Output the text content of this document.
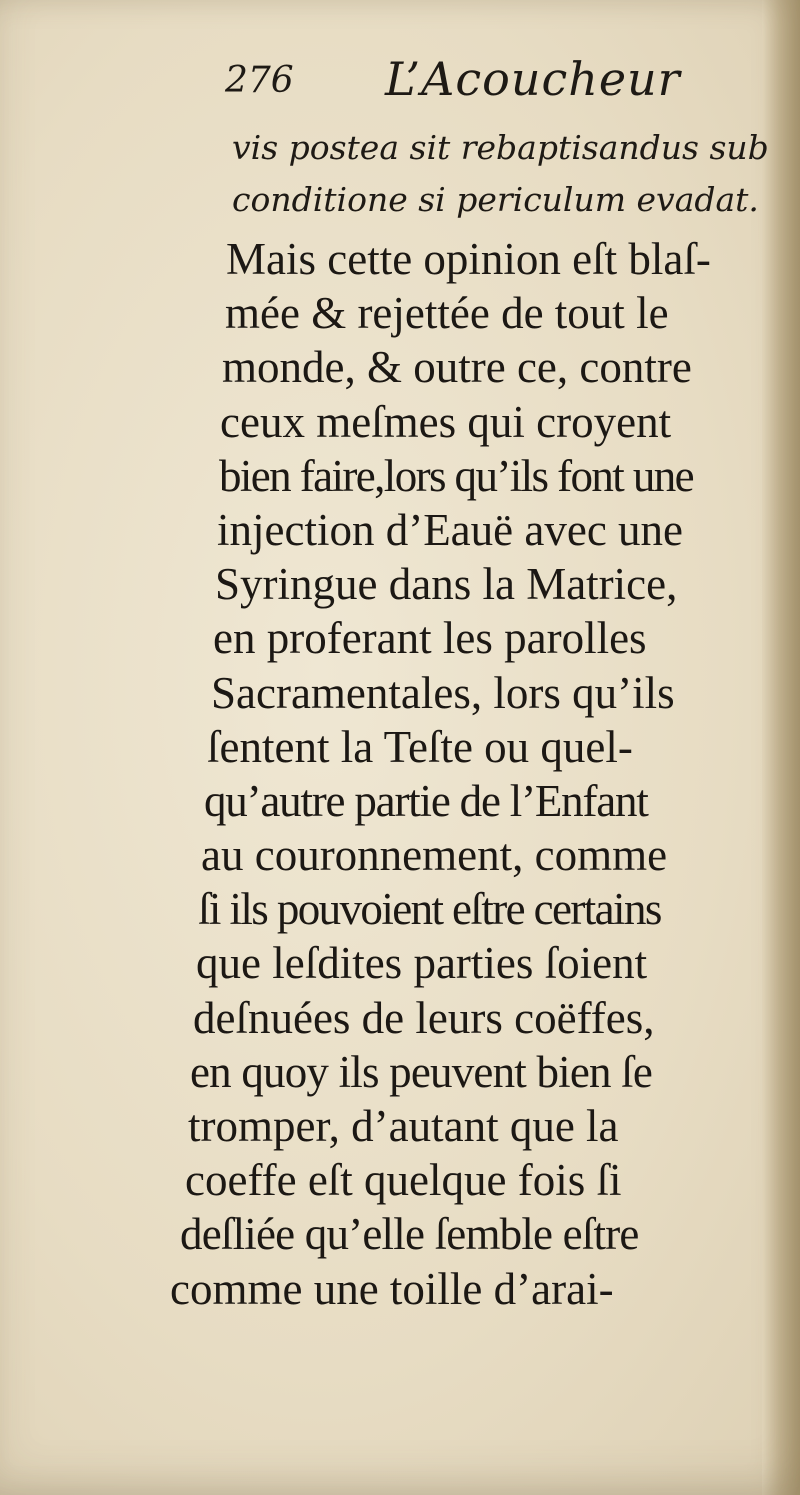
276 L’Acoucheur
vis postea sit rebaptisandus sub
conditione si periculum evadat.
Mais cette opinion eſt blaſ-
mée & rejettée de tout le
monde, & outre ce, contre
ceux meſmes qui croyent
bien faire,lors qu’ils font une
injection d’Eauë avec une
Syringue dans la Matrice,
en proferant les parolles
Sacramentales, lors qu’ils
ſentent la Teſte ou quel-
qu’autre partie de l’Enfant
au couronnement, comme
ſi ils pouvoient eſtre certains
que leſdites parties ſoient
deſnuées de leurs coëffes,
en quoy ils peuvent bien ſe
tromper, d’autant que la
coeffe eſt quelque fois ſi
deſliée qu’elle ſemble eſtre
comme une toille d’arai-
